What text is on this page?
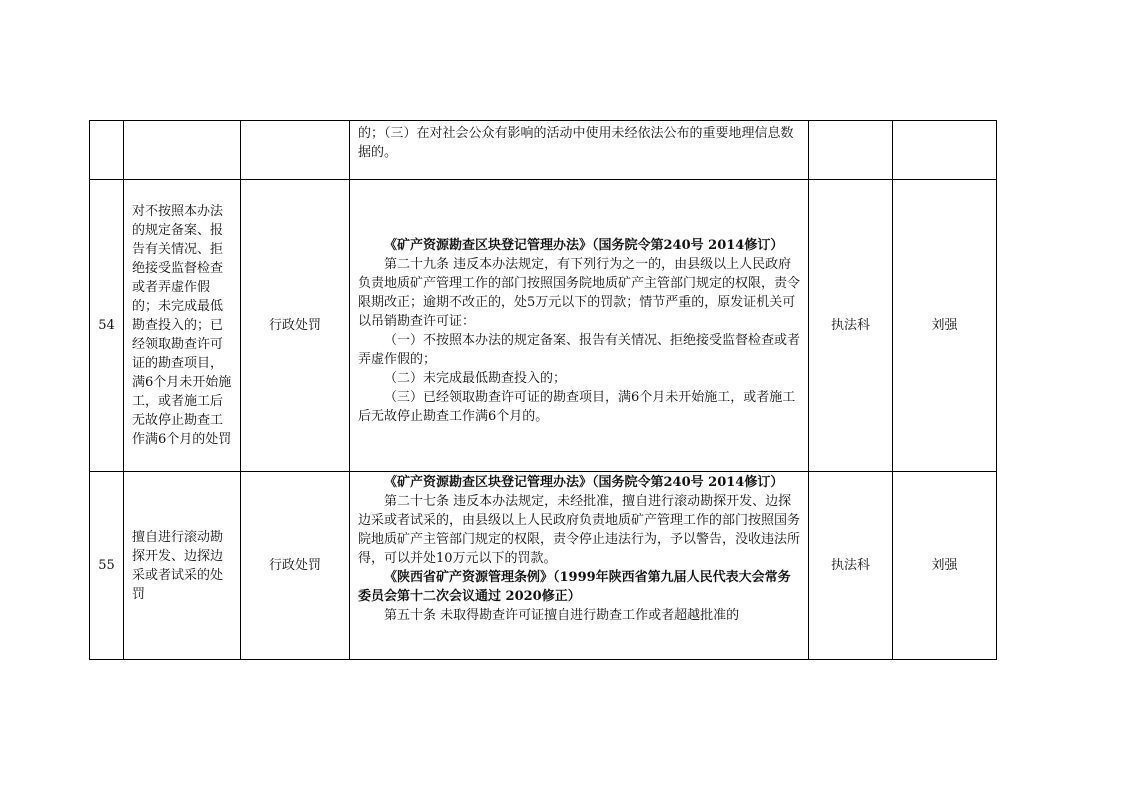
			的；（三）在对社会公众有影响的活动中使用未经依法公布的重要地理信息数据的。		

54	对不按照本办法的规定备案、报告有关情况、拒绝接受监督检查或者弄虚作假的；未完成最低勘查投入的；已经领取勘查许可证的勘查项目，满6个月未开始施工，或者施工后无故停止勘查工作满6个月的处罚	行政处罚	《矿产资源勘查区块登记管理办法》（国务院令第240号 2014修订）

第二十九条 违反本办法规定，有下列行为之一的，由县级以上人民政府负责地质矿产管理工作的部门按照国务院地质矿产主管部门规定的权限，责令限期改正；逾期不改正的，处5万元以下的罚款；情节严重的，原发证机关可以吊销勘查许可证：

（一）不按照本办法的规定备案、报告有关情况、拒绝接受监督检查或者弄虚作假的；

（二）未完成最低勘查投入的；

（三）已经领取勘查许可证的勘查项目，满6个月未开始施工，或者施工后无故停止勘查工作满6个月的。	执法科	刘强
55	擅自进行滚动勘探开发、边探边采或者试采的处罚	行政处罚	《矿产资源勘查区块登记管理办法》（国务院令第240号 2014修订）

第二十七条 违反本办法规定，未经批准，擅自进行滚动勘探开发、边探边采或者试采的，由县级以上人民政府负责地质矿产管理工作的部门按照国务院地质矿产主管部门规定的权限，责令停止违法行为，予以警告，没收违法所得，可以并处10万元以下的罚款。

《陕西省矿产资源管理条例》（1999年陕西省第九届人民代表大会常务委员会第十二次会议通过 2020修正）

第五十条 未取得勘查许可证擅自进行勘查工作或者超越批准的	执法科	刘强
